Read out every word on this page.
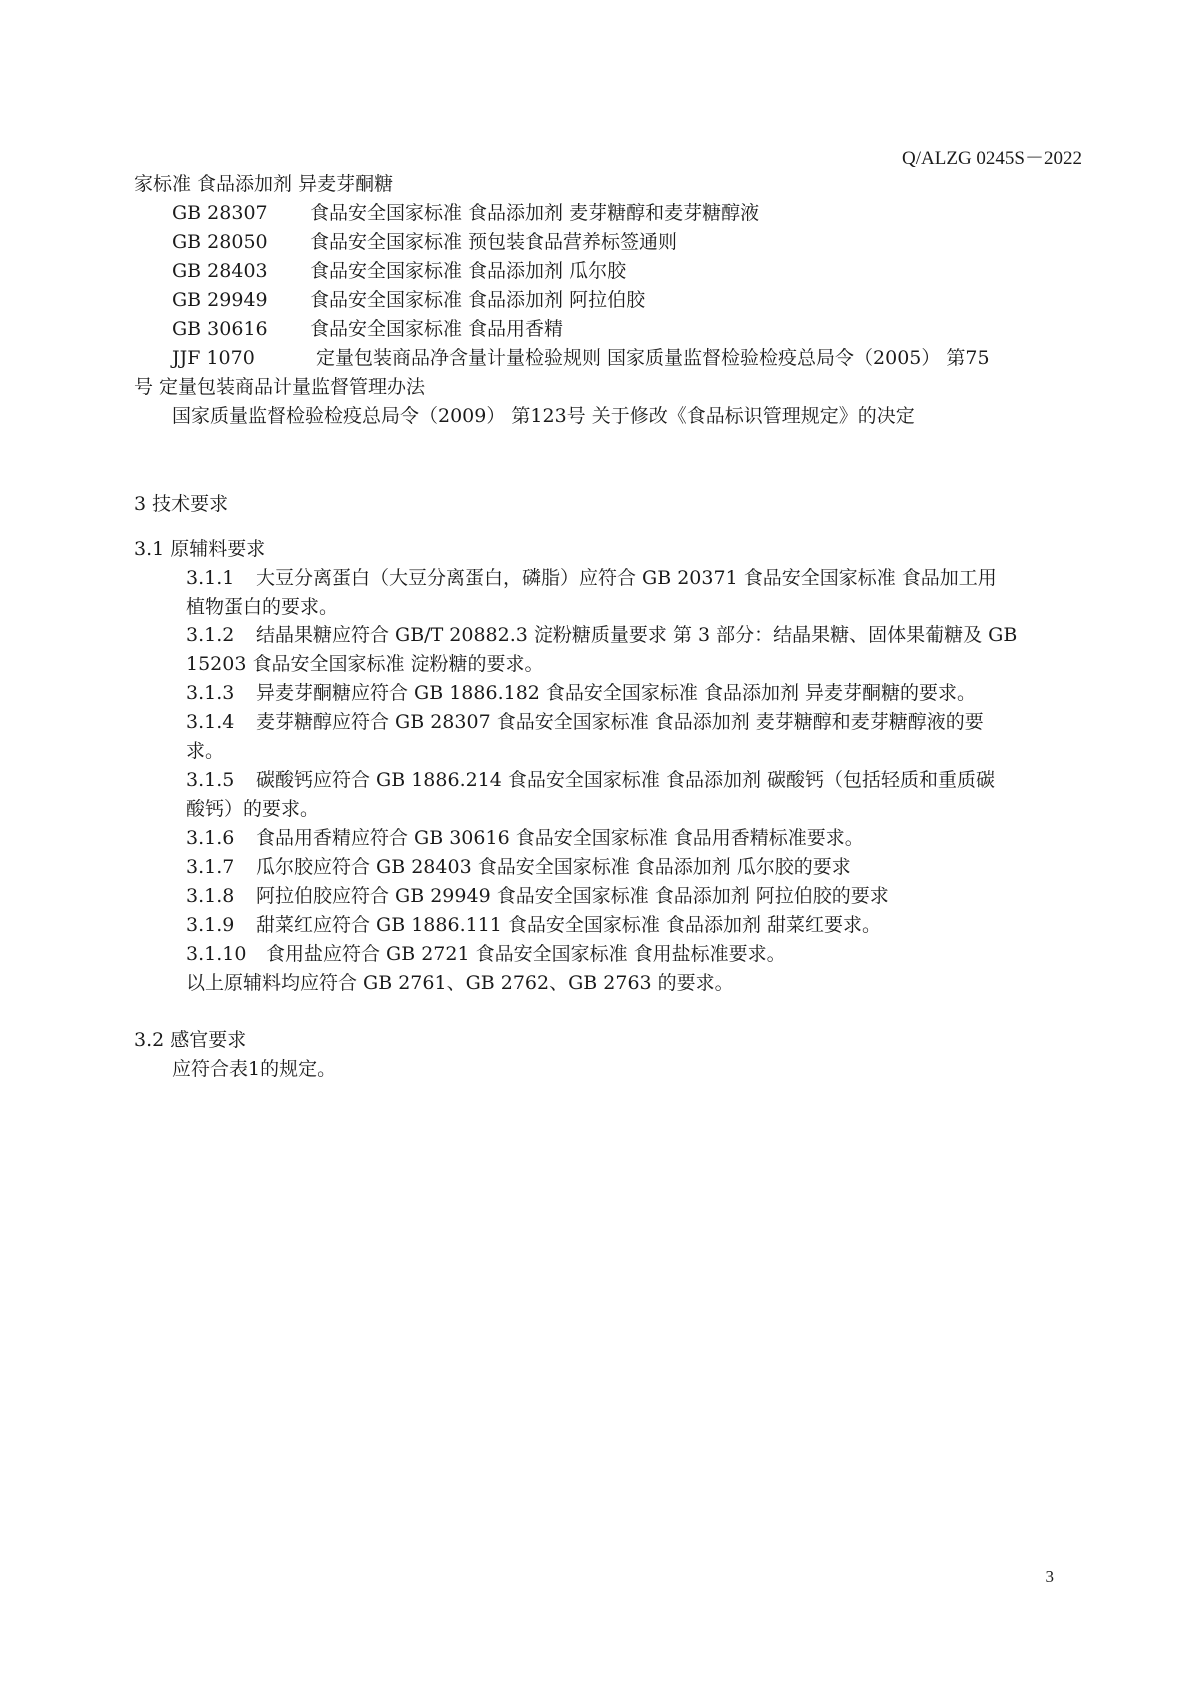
Q/ALZG 0245S－2022
家标准 食品添加剂 异麦芽酮糖
GB 28307 食品安全国家标准 食品添加剂 麦芽糖醇和麦芽糖醇液
GB 28050 食品安全国家标准 预包装食品营养标签通则
GB 28403 食品安全国家标准 食品添加剂 瓜尔胶
GB 29949 食品安全国家标准 食品添加剂 阿拉伯胶
GB 30616 食品安全国家标准 食品用香精
JJF 1070	定量包装商品净含量计量检验规则 国家质量监督检验检疫总局令（2005） 第75
号 定量包装商品计量监督管理办法
国家质量监督检验检疫总局令（2009） 第123号 关于修改《食品标识管理规定》的决定
3 技术要求
3.1 原辅料要求
3.1.1 大豆分离蛋白（大豆分离蛋白，磷脂）应符合 GB 20371 食品安全国家标准 食品加工用
植物蛋白的要求。
3.1.2 结晶果糖应符合 GB/T 20882.3 淀粉糖质量要求 第 3 部分：结晶果糖、固体果葡糖及 GB
15203 食品安全国家标准 淀粉糖的要求。
3.1.3 异麦芽酮糖应符合 GB 1886.182 食品安全国家标准 食品添加剂 异麦芽酮糖的要求。
3.1.4 麦芽糖醇应符合 GB 28307 食品安全国家标准 食品添加剂 麦芽糖醇和麦芽糖醇液的要
求。
3.1.5 碳酸钙应符合 GB 1886.214 食品安全国家标准 食品添加剂 碳酸钙（包括轻质和重质碳
酸钙）的要求。
3.1.6 食品用香精应符合 GB 30616 食品安全国家标准 食品用香精标准要求。
3.1.7 瓜尔胶应符合 GB 28403 食品安全国家标准 食品添加剂 瓜尔胶的要求
3.1.8 阿拉伯胶应符合 GB 29949 食品安全国家标准 食品添加剂 阿拉伯胶的要求
3.1.9 甜菜红应符合 GB 1886.111 食品安全国家标准 食品添加剂 甜菜红要求。
3.1.10 食用盐应符合 GB 2721 食品安全国家标准 食用盐标准要求。
以上原辅料均应符合 GB 2761、GB 2762、GB 2763 的要求。
3.2 感官要求
应符合表1的规定。
3
